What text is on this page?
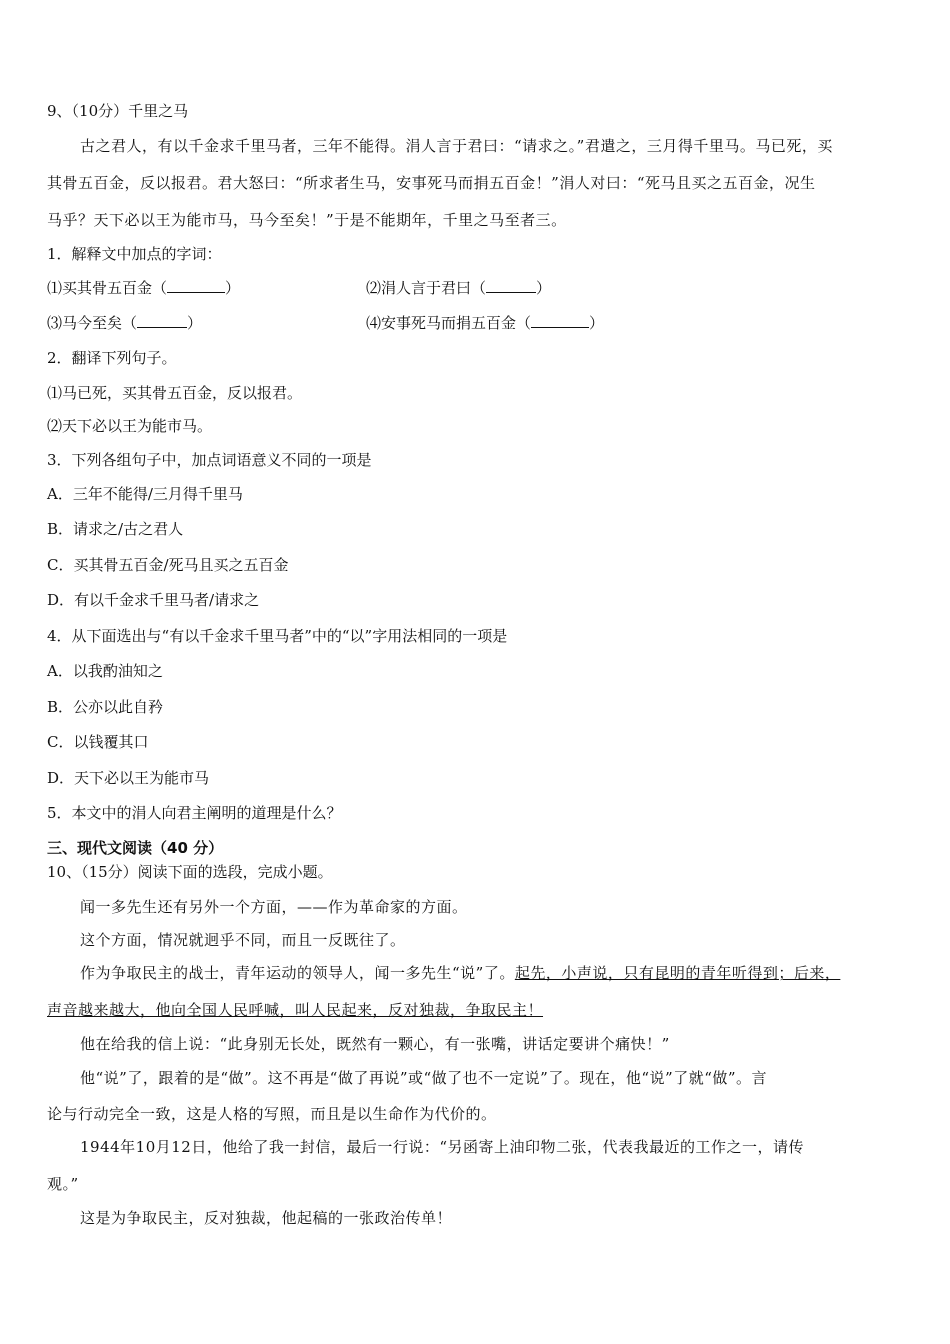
9、（10分）千里之马

古之君人，有以千金求千里马者，三年不能得。涓人言于君曰：“请求之。”君遣之，三月得千里马。马已死，买

其骨五百金，反以报君。君大怒曰：“所求者生马，安事死马而捐五百金！”涓人对曰：“死马且买之五百金，况生

马乎？天下必以王为能市马，马今至矣！”于是不能期年，千里之马至者三。

1．解释文中加点的字词：

⑴买其骨五百金（	）	⑵涓人言于君曰（	）
⑶马今至矣（	）	⑷安事死马而捐五百金（	）

2．翻译下列句子。

⑴马已死，买其骨五百金，反以报君。

⑵天下必以王为能市马。

3．下列各组句子中，加点词语意义不同的一项是

A．三年不能得/三月得千里马

B．请求之/古之君人

C．买其骨五百金/死马且买之五百金

D．有以千金求千里马者/请求之

4．从下面选出与“有以千金求千里马者”中的“以”字用法相同的一项是

A．以我酌油知之

B．公亦以此自矜

C．以钱覆其口

D．天下必以王为能市马

5．本文中的涓人向君主阐明的道理是什么？

三、现代文阅读（40 分）

10、（15分）阅读下面的选段，完成小题。

闻一多先生还有另外一个方面，——作为革命家的方面。

这个方面，情况就迥乎不同，而且一反既往了。

作为争取民主的战士，青年运动的领导人，闻一多先生“说”了。起先，小声说，只有昆明的青年听得到；后来，

声音越来越大，他向全国人民呼喊，叫人民起来，反对独裁，争取民主！

他在给我的信上说：“此身别无长处，既然有一颗心，有一张嘴，讲话定要讲个痛快！”

他“说”了，跟着的是“做”。这不再是“做了再说”或“做了也不一定说”了。现在，他“说”了就“做”。言

论与行动完全一致，这是人格的写照，而且是以生命作为代价的。

1944年10月12日，他给了我一封信，最后一行说：“另函寄上油印物二张，代表我最近的工作之一，请传

观。”

这是为争取民主，反对独裁，他起稿的一张政治传单！
